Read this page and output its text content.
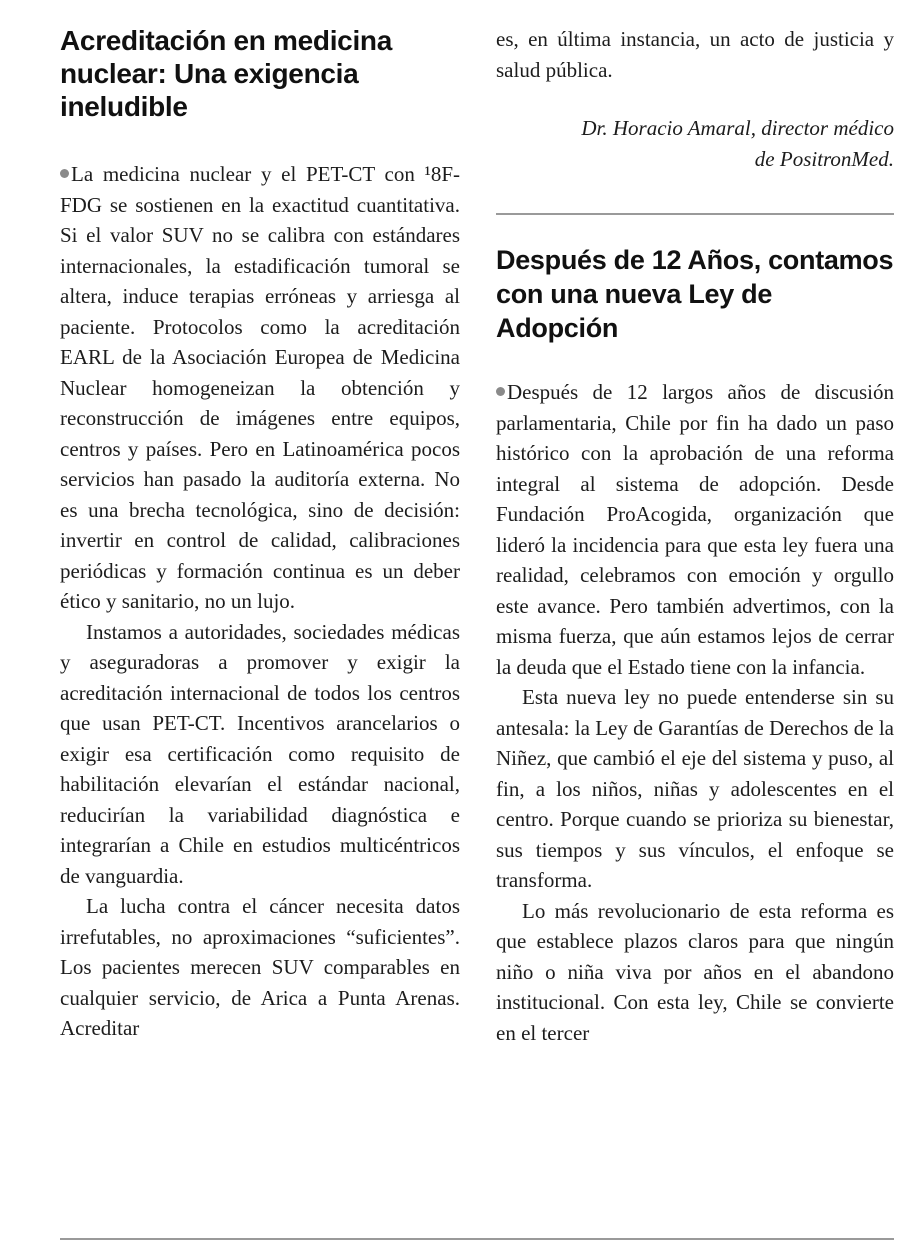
Acreditación en medicina nuclear: Una exigencia ineludible

La medicina nuclear y el PET-CT con ¹8F-FDG se sostienen en la exactitud cuantitativa. Si el valor SUV no se calibra con estándares internacionales, la estadificación tumoral se altera, induce terapias erróneas y arriesga al paciente. Protocolos como la acreditación EARL de la Asociación Europea de Medicina Nuclear homogeneizan la obtención y reconstrucción de imágenes entre equipos, centros y países. Pero en Latinoamérica pocos servicios han pasado la auditoría externa. No es una brecha tecnológica, sino de decisión: invertir en control de calidad, calibraciones periódicas y formación continua es un deber ético y sanitario, no un lujo.

Instamos a autoridades, sociedades médicas y aseguradoras a promover y exigir la acreditación internacional de todos los centros que usan PET-CT. Incentivos arancelarios o exigir esa certificación como requisito de habilitación elevarían el estándar nacional, reducirían la variabilidad diagnóstica e integrarían a Chile en estudios multicéntricos de vanguardia.

La lucha contra el cáncer necesita datos irrefutables, no aproximaciones “suficientes”. Los pacientes merecen SUV comparables en cualquier servicio, de Arica a Punta Arenas. Acreditar

es, en última instancia, un acto de justicia y salud pública.

Dr. Horacio Amaral, director médico
de PositronMed.
Después de 12 Años, contamos con una nueva Ley de Adopción

Después de 12 largos años de discusión parlamentaria, Chile por fin ha dado un paso histórico con la aprobación de una reforma integral al sistema de adopción. Desde Fundación ProAcogida, organización que lideró la incidencia para que esta ley fuera una realidad, celebramos con emoción y orgullo este avance. Pero también advertimos, con la misma fuerza, que aún estamos lejos de cerrar la deuda que el Estado tiene con la infancia.

Esta nueva ley no puede entenderse sin su antesala: la Ley de Garantías de Derechos de la Niñez, que cambió el eje del sistema y puso, al fin, a los niños, niñas y adolescentes en el centro. Porque cuando se prioriza su bienestar, sus tiempos y sus vínculos, el enfoque se transforma.

Lo más revolucionario de esta reforma es que establece plazos claros para que ningún niño o niña viva por años en el abandono institucional. Con esta ley, Chile se convierte en el tercer
